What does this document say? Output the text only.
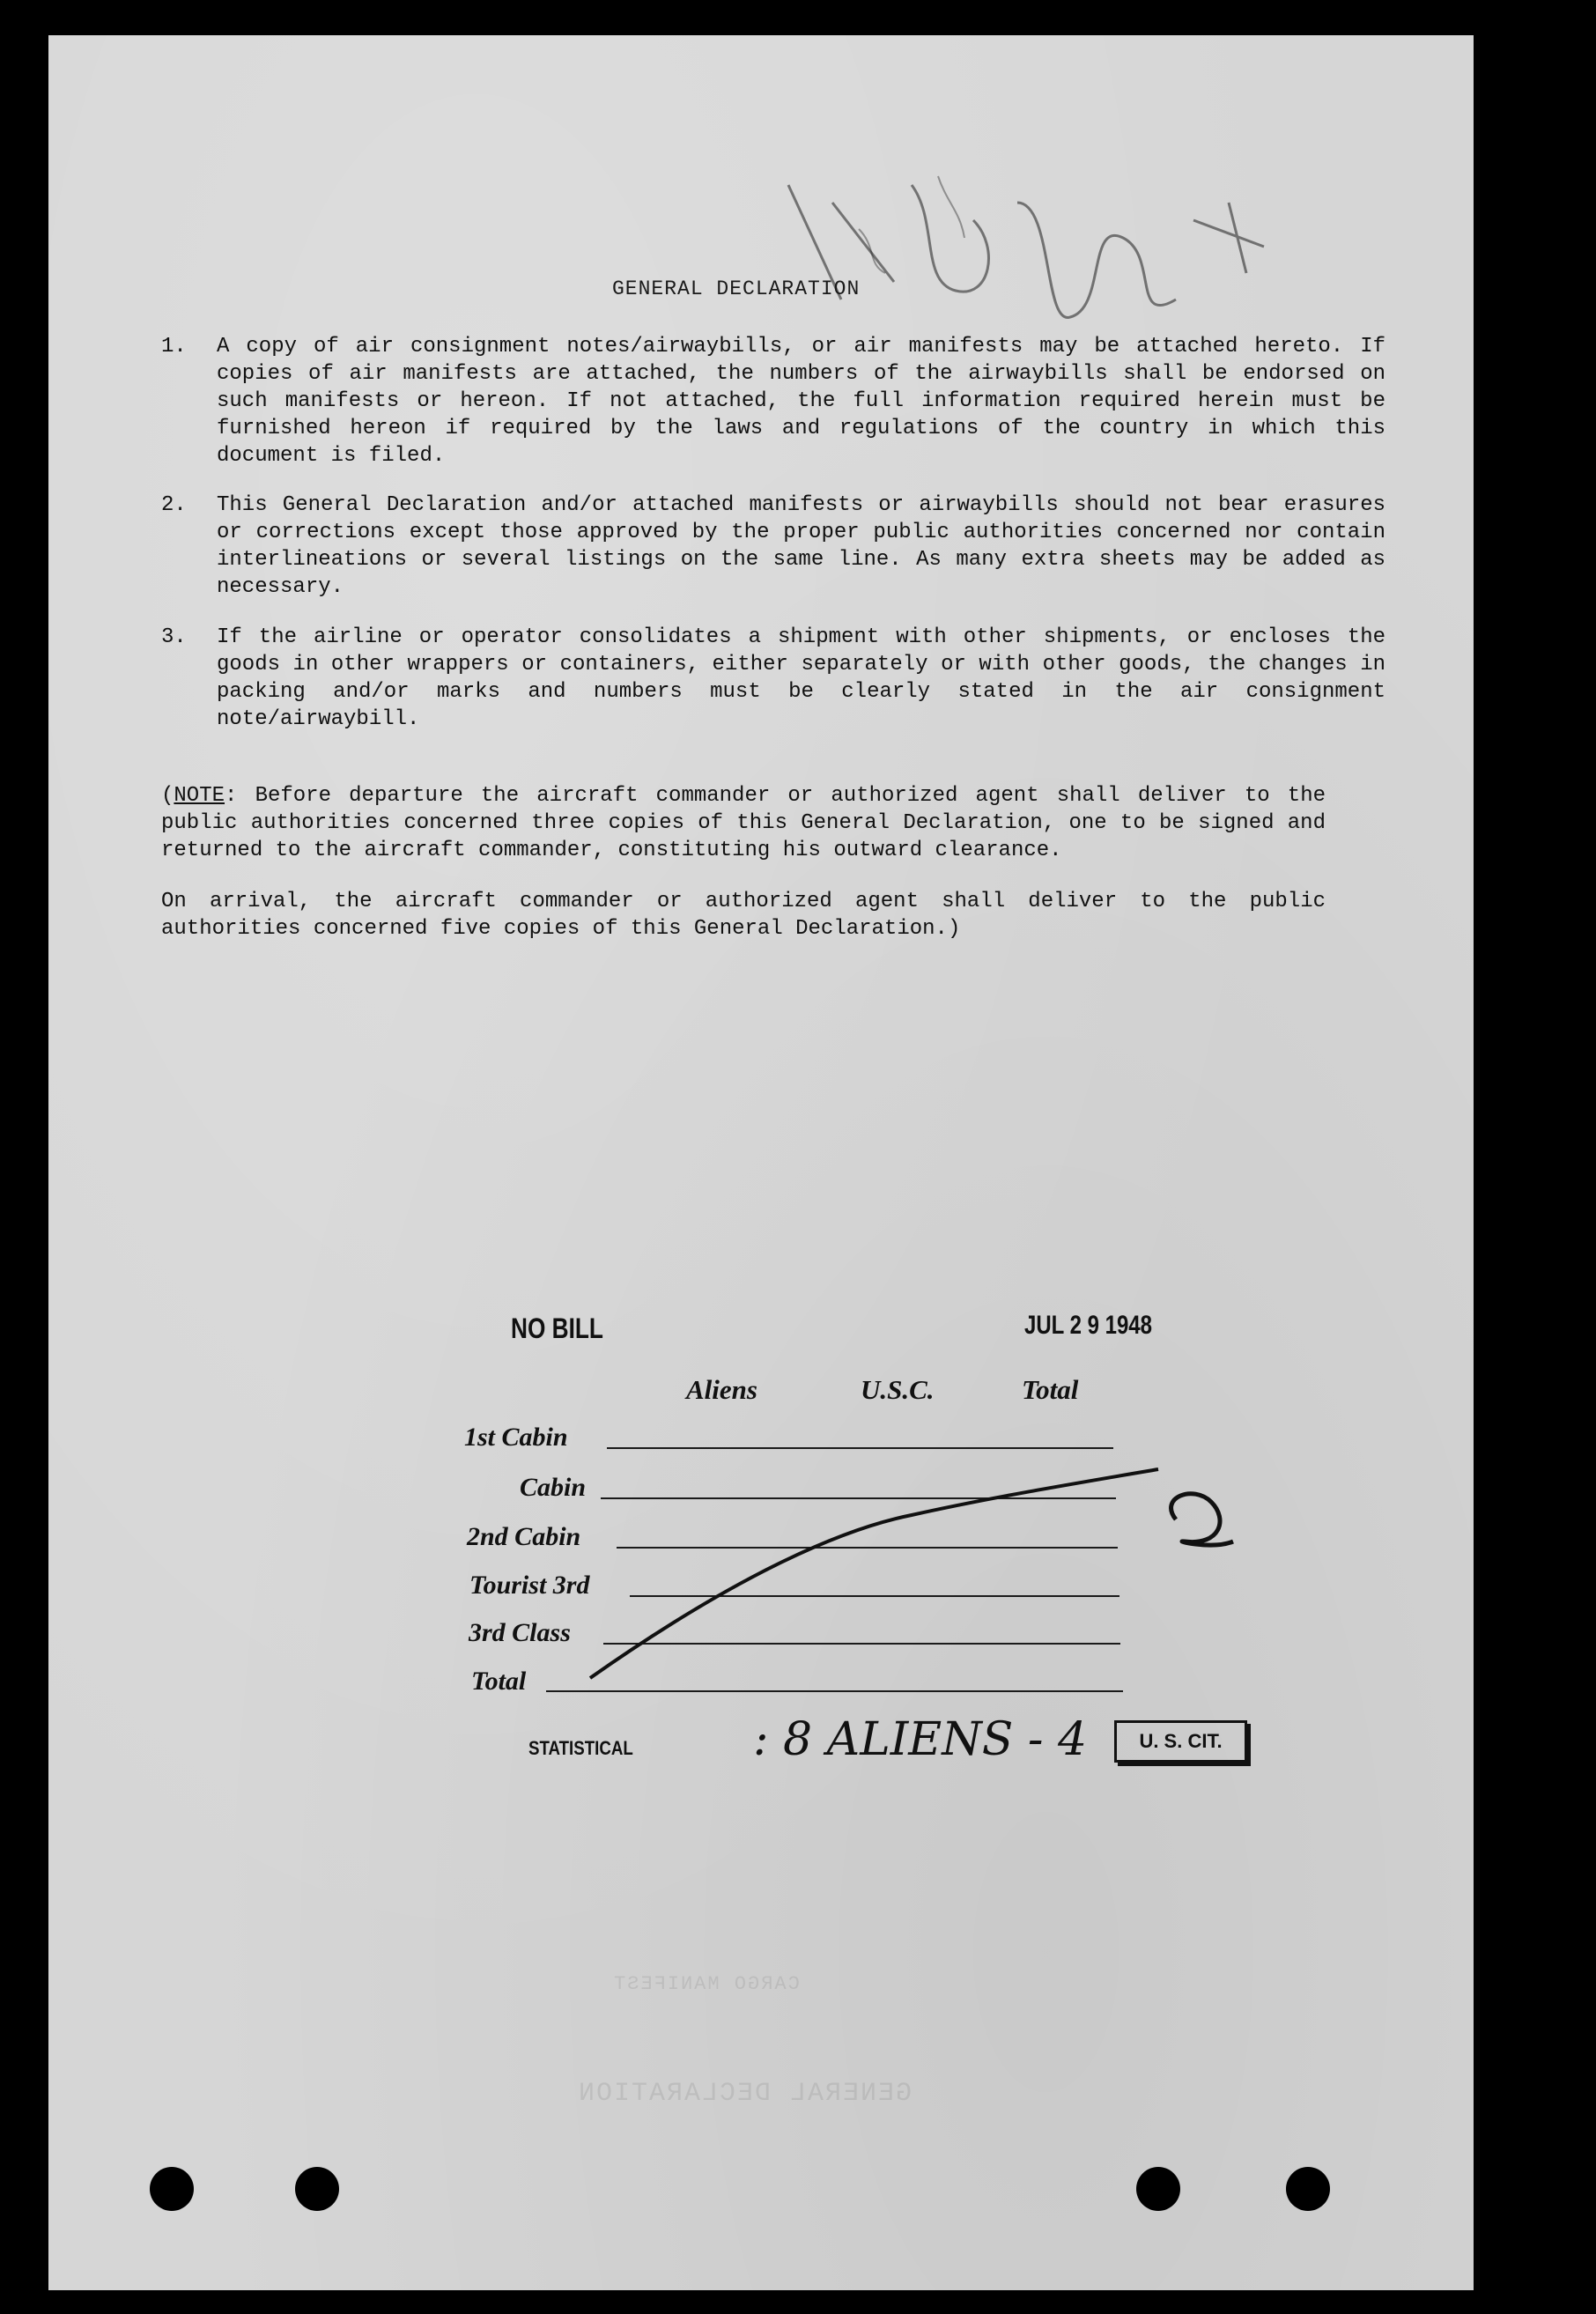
GENERAL DECLARATION
CARGO MANIFEST
GENERAL DECLARATION
1. A copy of air consignment notes/airwaybills, or air manifests may be attached hereto. If copies of air manifests are attached, the numbers of the airwaybills shall be endorsed on such manifests or hereon. If not attached, the full information required herein must be furnished hereon if required by the laws and regulations of the country in which this document is filed.
2. This General Declaration and/or attached manifests or airwaybills should not bear erasures or corrections except those approved by the proper public authorities concerned nor contain interlineations or several listings on the same line. As many extra sheets may be added as necessary.
3. If the airline or operator consolidates a shipment with other shipments, or encloses the goods in other wrappers or containers, either separately or with other goods, the changes in packing and/or marks and numbers must be clearly stated in the air consignment note/airwaybill.
(NOTE: Before departure the aircraft commander or authorized agent shall deliver to the public authorities concerned three copies of this General Declaration, one to be signed and returned to the aircraft commander, constituting his outward clearance.
On arrival, the aircraft commander or authorized agent shall deliver to the public authorities concerned five copies of this General Declaration.)
NO BILL	JUL 2 9 1948
Aliens	U.S.C.	Total
1st Cabin
Cabin
2nd Cabin
Tourist 3rd
3rd Class
Total
STATISTICAL	: 8 ALIENS - 4	U. S. CIT.
